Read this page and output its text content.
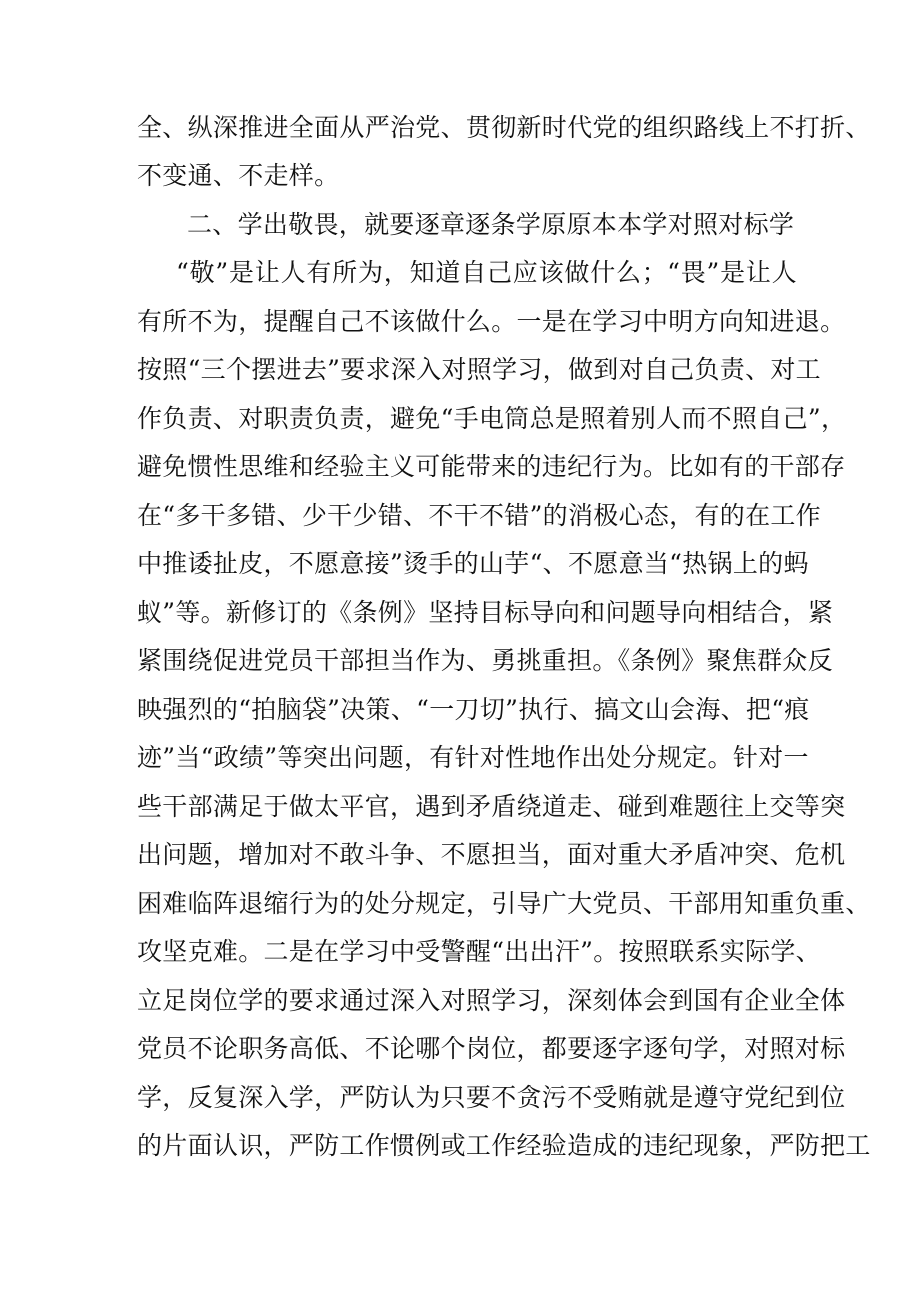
全、纵深推进全面从严治党、贯彻新时代党的组织路线上不打折、
不变通、不走样。
二、学出敬畏，就要逐章逐条学原原本本学对照对标学
“敬”是让人有所为，知道自己应该做什么；“畏”是让人
有所不为，提醒自己不该做什么。一是在学习中明方向知进退。
按照“三个摆进去”要求深入对照学习，做到对自己负责、对工
作负责、对职责负责，避免“手电筒总是照着别人而不照自己”，
避免惯性思维和经验主义可能带来的违纪行为。比如有的干部存
在“多干多错、少干少错、不干不错”的消极心态，有的在工作
中推诿扯皮，不愿意接”烫手的山芋“、不愿意当“热锅上的蚂
蚁”等。新修订的《条例》坚持目标导向和问题导向相结合，紧
紧围绕促进党员干部担当作为、勇挑重担。《条例》聚焦群众反
映强烈的“拍脑袋”决策、“一刀切”执行、搞文山会海、把“痕
迹”当“政绩”等突出问题，有针对性地作出处分规定。针对一
些干部满足于做太平官，遇到矛盾绕道走、碰到难题往上交等突
出问题，增加对不敢斗争、不愿担当，面对重大矛盾冲突、危机
困难临阵退缩行为的处分规定，引导广大党员、干部用知重负重、
攻坚克难。二是在学习中受警醒“出出汗”。按照联系实际学、
立足岗位学的要求通过深入对照学习，深刻体会到国有企业全体
党员不论职务高低、不论哪个岗位，都要逐字逐句学，对照对标
学，反复深入学，严防认为只要不贪污不受贿就是遵守党纪到位
的片面认识，严防工作惯例或工作经验造成的违纪现象，严防把工
